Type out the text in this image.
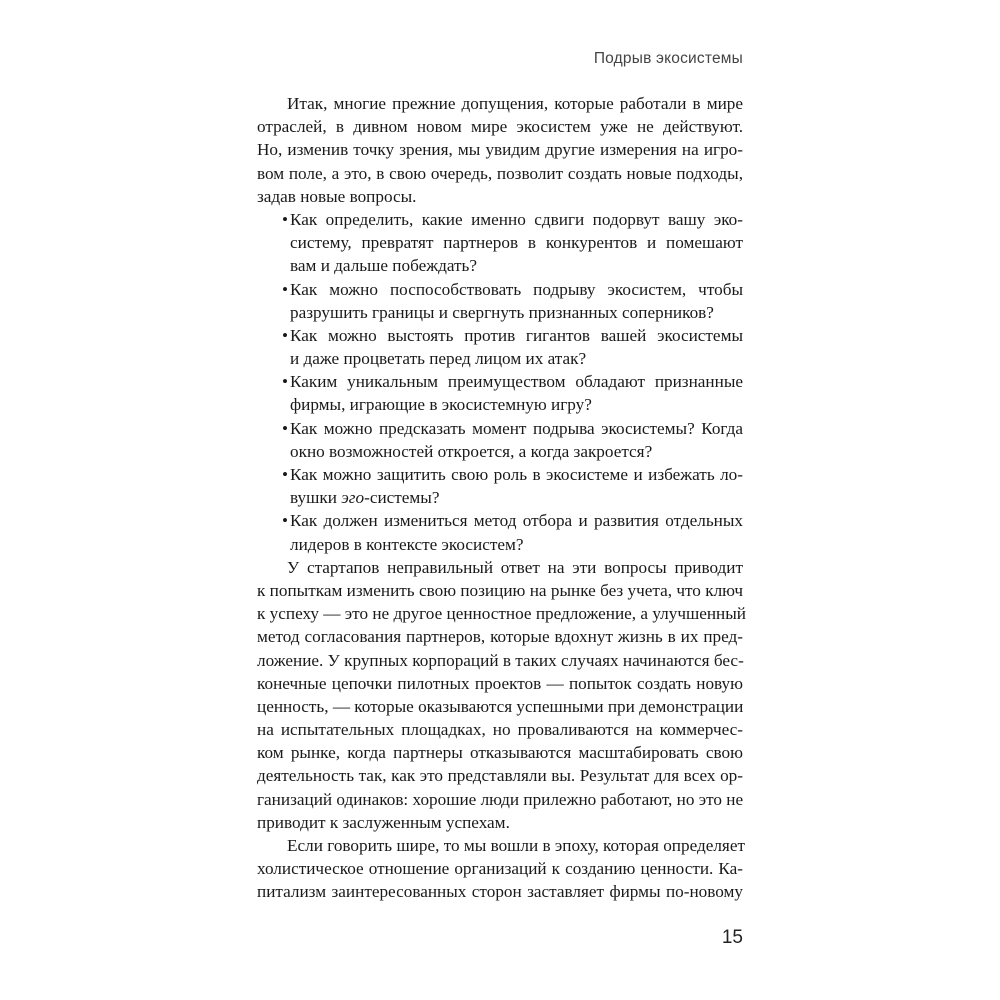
Подрыв экосистемы
Итак, многие прежние допущения, которые работали в мире
отраслей, в дивном новом мире экосистем уже не действуют.
Но, изменив точку зрения, мы увидим другие измерения на игро-
вом поле, а это, в свою очередь, позволит создать новые подходы,
задав новые вопросы.
Как определить, какие именно сдвиги подорвут вашу эко-
систему, превратят партнеров в конкурентов и помешают
вам и дальше побеждать?
Как можно поспособствовать подрыву экосистем, чтобы
разрушить границы и свергнуть признанных соперников?
Как можно выстоять против гигантов вашей экосистемы
и даже процветать перед лицом их атак?
Каким уникальным преимуществом обладают признанные
фирмы, играющие в экосистемную игру?
Как можно предсказать момент подрыва экосистемы? Когда
окно возможностей откроется, а когда закроется?
Как можно защитить свою роль в экосистеме и избежать ло-
вушки эго-системы?
Как должен измениться метод отбора и развития отдельных
лидеров в контексте экосистем?
У стартапов неправильный ответ на эти вопросы приводит
к попыткам изменить свою позицию на рынке без учета, что ключ
к успеху — это не другое ценностное предложение, а улучшенный
метод согласования партнеров, которые вдохнут жизнь в их пред-
ложение. У крупных корпораций в таких случаях начинаются бес-
конечные цепочки пилотных проектов — попыток создать новую
ценность, — которые оказываются успешными при демонстрации
на испытательных площадках, но проваливаются на коммерчес-
ком рынке, когда партнеры отказываются масштабировать свою
деятельность так, как это представляли вы. Результат для всех ор-
ганизаций одинаков: хорошие люди прилежно работают, но это не
приводит к заслуженным успехам.
Если говорить шире, то мы вошли в эпоху, которая определяет
холистическое отношение организаций к созданию ценности. Ка-
питализм заинтересованных сторон заставляет фирмы по-новому
15
